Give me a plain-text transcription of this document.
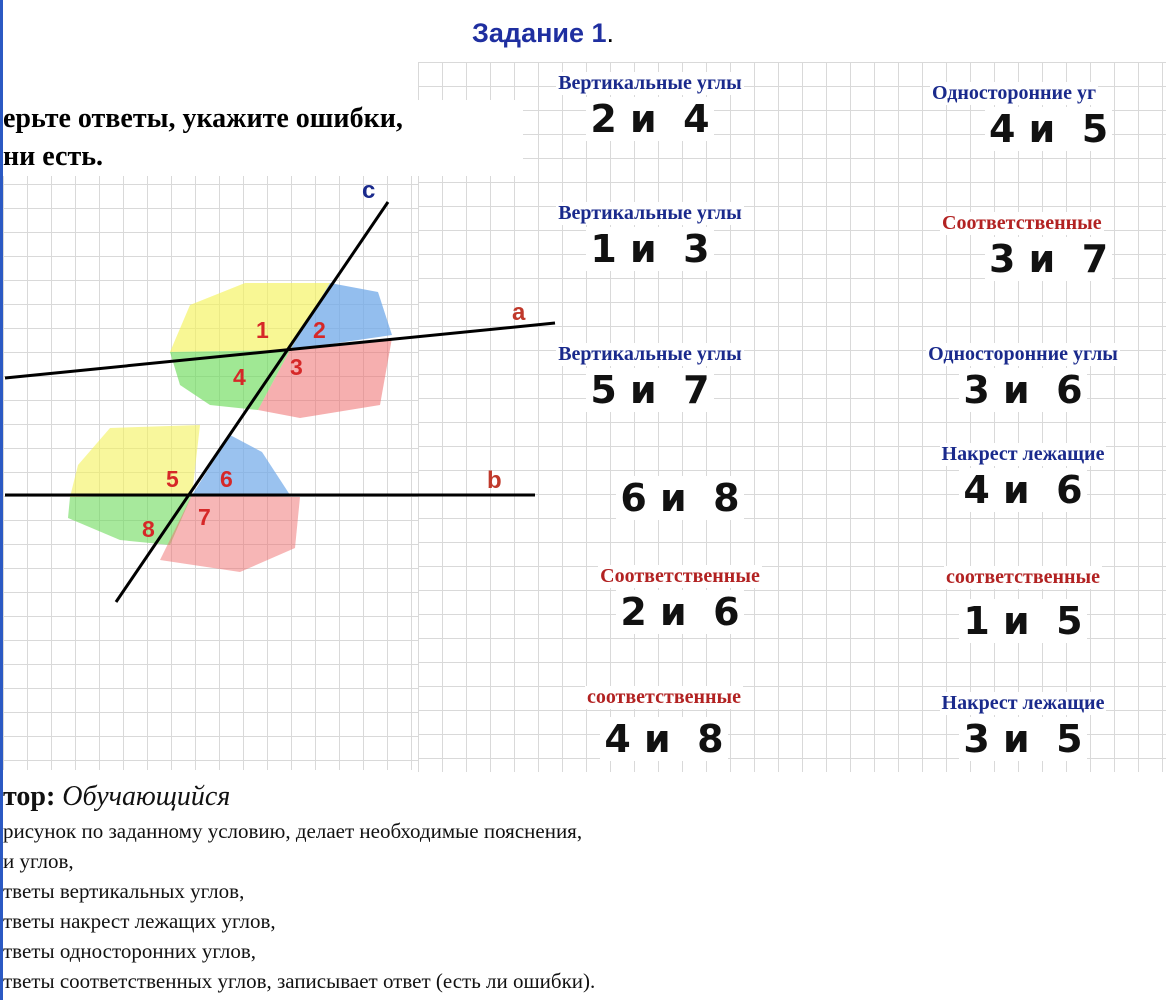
Задание 1.
ерьте ответы, укажите ошибки,
ни есть.
c
a
b
1 2
3
4
5 6
7
8
Вертикальные углы
2 и  4
Вертикальные углы
1 и  3
Вертикальные углы
5 и  7
6 и  8
Соответственные
2 и  6
соответственные
4 и  8
Односторонние уг
4 и  5
Соответственные
3 и  7
Односторонние углы
3 и  6
Накрест лежащие
4 и  6
соответственные
1 и  5
Накрест лежащие
3 и  5
тор: Обучающийся
рисунок по заданному условию, делает необходимые пояснения,
и углов,
тветы вертикальных углов,
тветы накрест лежащих углов,
тветы односторонних углов,
тветы соответственных углов, записывает ответ (есть ли ошибки).
